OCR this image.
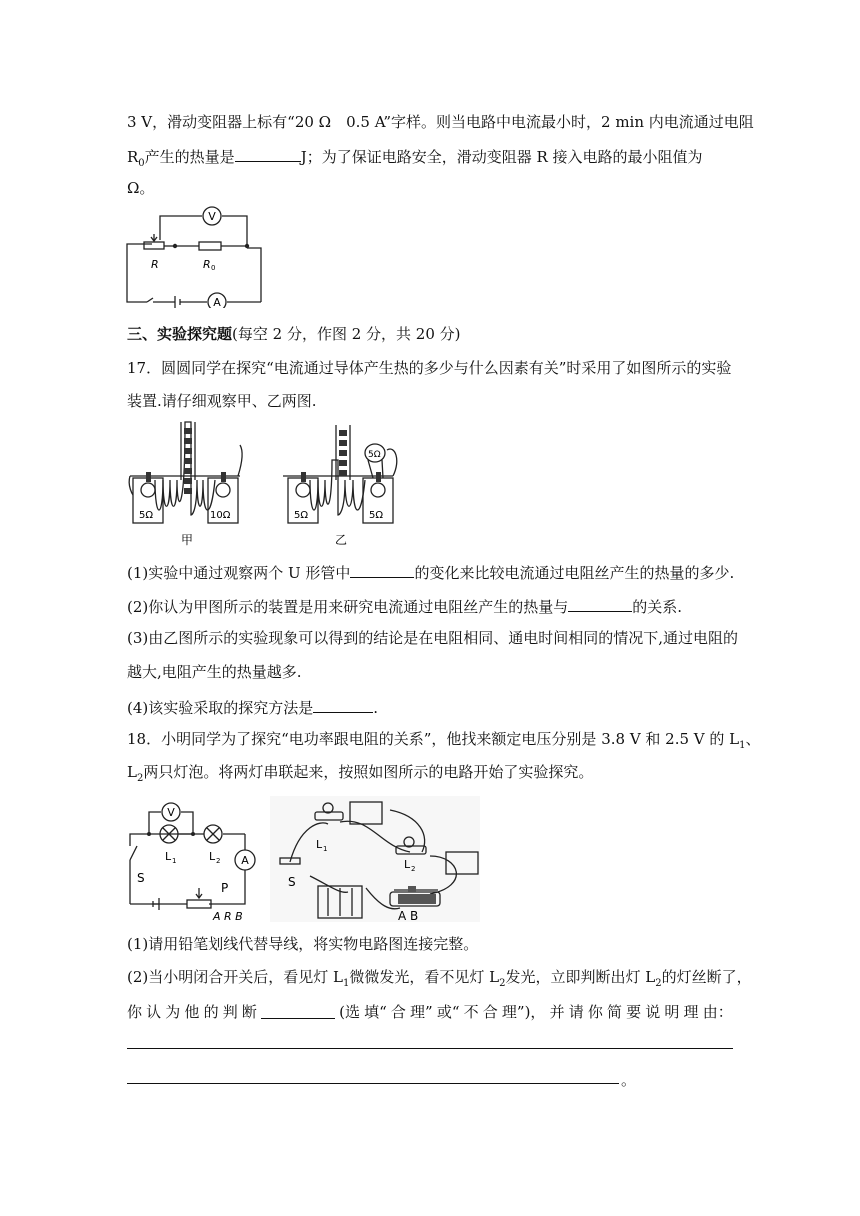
3 V，滑动变阻器上标有“20 Ω　0.5 A”字样。则当电路中电流最小时，2 min 内电流通过电阻
$R_0$产生的热量是	J；为了保证电路安全，滑动变阻器 R 接入电路的最小阻值为
Ω。
V
A
R	R 0
三、实验探究题(每空 2 分，作图 2 分，共 20 分)
17．圆圆同学在探究“电流通过导体产生热的多少与什么因素有关”时采用了如图所示的实验
装置.请仔细观察甲、乙两图.
5Ω	10Ω	5Ω	5Ω
5Ω
甲	乙
(1)实验中通过观察两个 U 形管中	的变化来比较电流通过电阻丝产生的热量的多少.
(2)你认为甲图所示的装置是用来研究电流通过电阻丝产生的热量与	的关系.
(3)由乙图所示的实验现象可以得到的结论是在电阻相同、通电时间相同的情况下,通过电阻的
越大,电阻产生的热量越多.
(4)该实验采取的探究方法是	.
18．小明同学为了探究“电功率跟电阻的关系”，他找来额定电压分别是 3.8 V 和 2.5 V 的 $L_1$、
$L_2$两只灯泡。将两灯串联起来，按照如图所示的电路开始了实验探究。
V
A
L 1	L 2
S
P
A R B
L 1
L 2
S
A B
(1)请用铅笔划线代替导线，将实物电路图连接完整。
(2)当小明闭合开关后，看见灯 $L_1$微微发光，看不见灯 $L_2$发光，立即判断出灯 $L_2$的灯丝断了，
你 认 为 他 的 判 断	(选 填“ 合 理” 或“ 不 合 理”)， 并 请 你 简 要 说 明 理 由：
。
